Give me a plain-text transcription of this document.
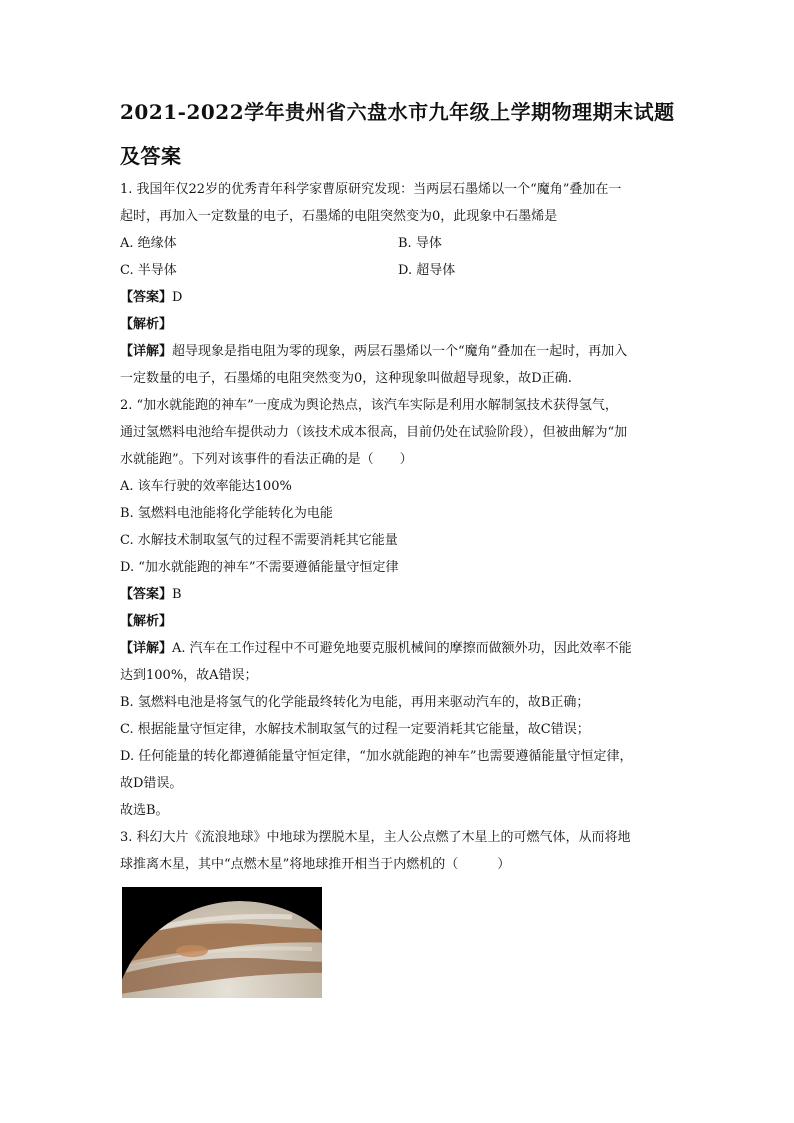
2021-2022学年贵州省六盘水市九年级上学期物理期末试题
及答案
1. 我国年仅22岁的优秀青年科学家曹原研究发现：当两层石墨烯以一个“魔角”叠加在一
起时，再加入一定数量的电子，石墨烯的电阻突然变为0，此现象中石墨烯是
A. 绝缘体	B. 导体
C. 半导体	D. 超导体
【答案】D
【解析】
【详解】超导现象是指电阻为零的现象，两层石墨烯以一个“魔角”叠加在一起时，再加入
一定数量的电子，石墨烯的电阻突然变为0，这种现象叫做超导现象，故D正确.
2. “加水就能跑的神车”一度成为舆论热点，该汽车实际是利用水解制氢技术获得氢气，
通过氢燃料电池给车提供动力（该技术成本很高，目前仍处在试验阶段），但被曲解为“加
水就能跑”。下列对该事件的看法正确的是（　　）
A. 该车行驶的效率能达100%
B. 氢燃料电池能将化学能转化为电能
C. 水解技术制取氢气的过程不需要消耗其它能量
D. “加水就能跑的神车”不需要遵循能量守恒定律
【答案】B
【解析】
【详解】A. 汽车在工作过程中不可避免地要克服机械间的摩擦而做额外功，因此效率不能
达到100%，故A错误；
B. 氢燃料电池是将氢气的化学能最终转化为电能，再用来驱动汽车的，故B正确；
C. 根据能量守恒定律，水解技术制取氢气的过程一定要消耗其它能量，故C错误；
D. 任何能量的转化都遵循能量守恒定律，“加水就能跑的神车”也需要遵循能量守恒定律，
故D错误。
故选B。
3. 科幻大片《流浪地球》中地球为摆脱木星，主人公点燃了木星上的可燃气体，从而将地
球推离木星，其中“点燃木星”将地球推开相当于内燃机的（　　　）
